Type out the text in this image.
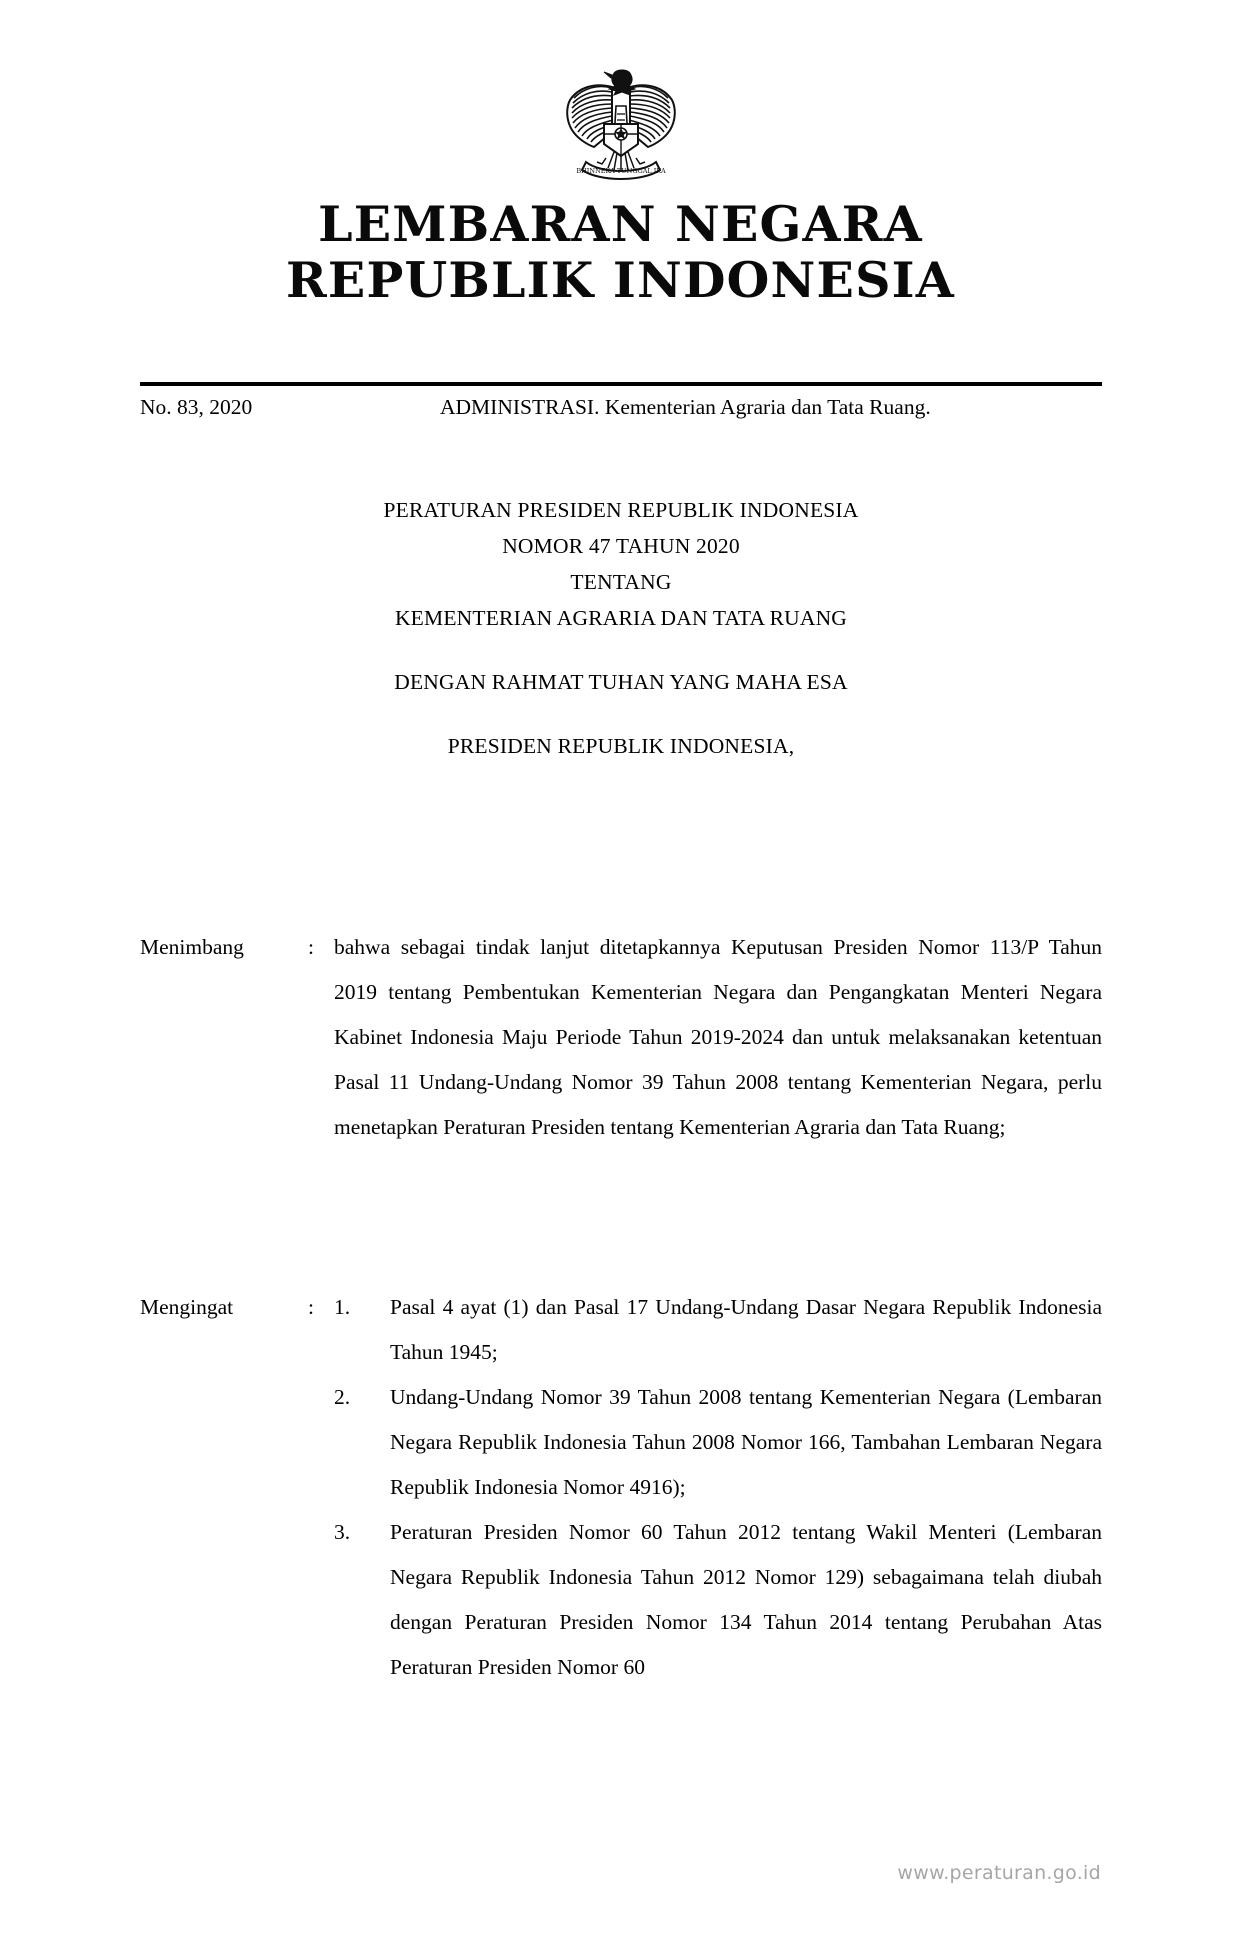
BHINNEKA TUNGGAL IKA
LEMBARAN NEGARA
REPUBLIK INDONESIA
No. 83, 2020	ADMINISTRASI. Kementerian Agraria dan Tata Ruang.
PERATURAN PRESIDEN REPUBLIK INDONESIA
NOMOR 47 TAHUN 2020
TENTANG
KEMENTERIAN AGRARIA DAN TATA RUANG
DENGAN RAHMAT TUHAN YANG MAHA ESA
PRESIDEN REPUBLIK INDONESIA,
Menimbang	: bahwa sebagai tindak lanjut ditetapkannya Keputusan Presiden Nomor 113/P Tahun 2019 tentang Pembentukan Kementerian Negara dan Pengangkatan Menteri Negara Kabinet Indonesia Maju Periode Tahun 2019-2024 dan untuk melaksanakan ketentuan Pasal 11 Undang-Undang Nomor 39 Tahun 2008 tentang Kementerian Negara, perlu menetapkan Peraturan Presiden tentang Kementerian Agraria dan Tata Ruang;
Mengingat	: 1.	Pasal 4 ayat (1) dan Pasal 17 Undang-Undang Dasar Negara Republik Indonesia Tahun 1945;
2.	Undang-Undang Nomor 39 Tahun 2008 tentang Kementerian Negara (Lembaran Negara Republik Indonesia Tahun 2008 Nomor 166, Tambahan Lembaran Negara Republik Indonesia Nomor 4916);
3.	Peraturan Presiden Nomor 60 Tahun 2012 tentang Wakil Menteri (Lembaran Negara Republik Indonesia Tahun 2012 Nomor 129) sebagaimana telah diubah dengan Peraturan Presiden Nomor 134 Tahun 2014 tentang Perubahan Atas Peraturan Presiden Nomor 60
www.peraturan.go.id
